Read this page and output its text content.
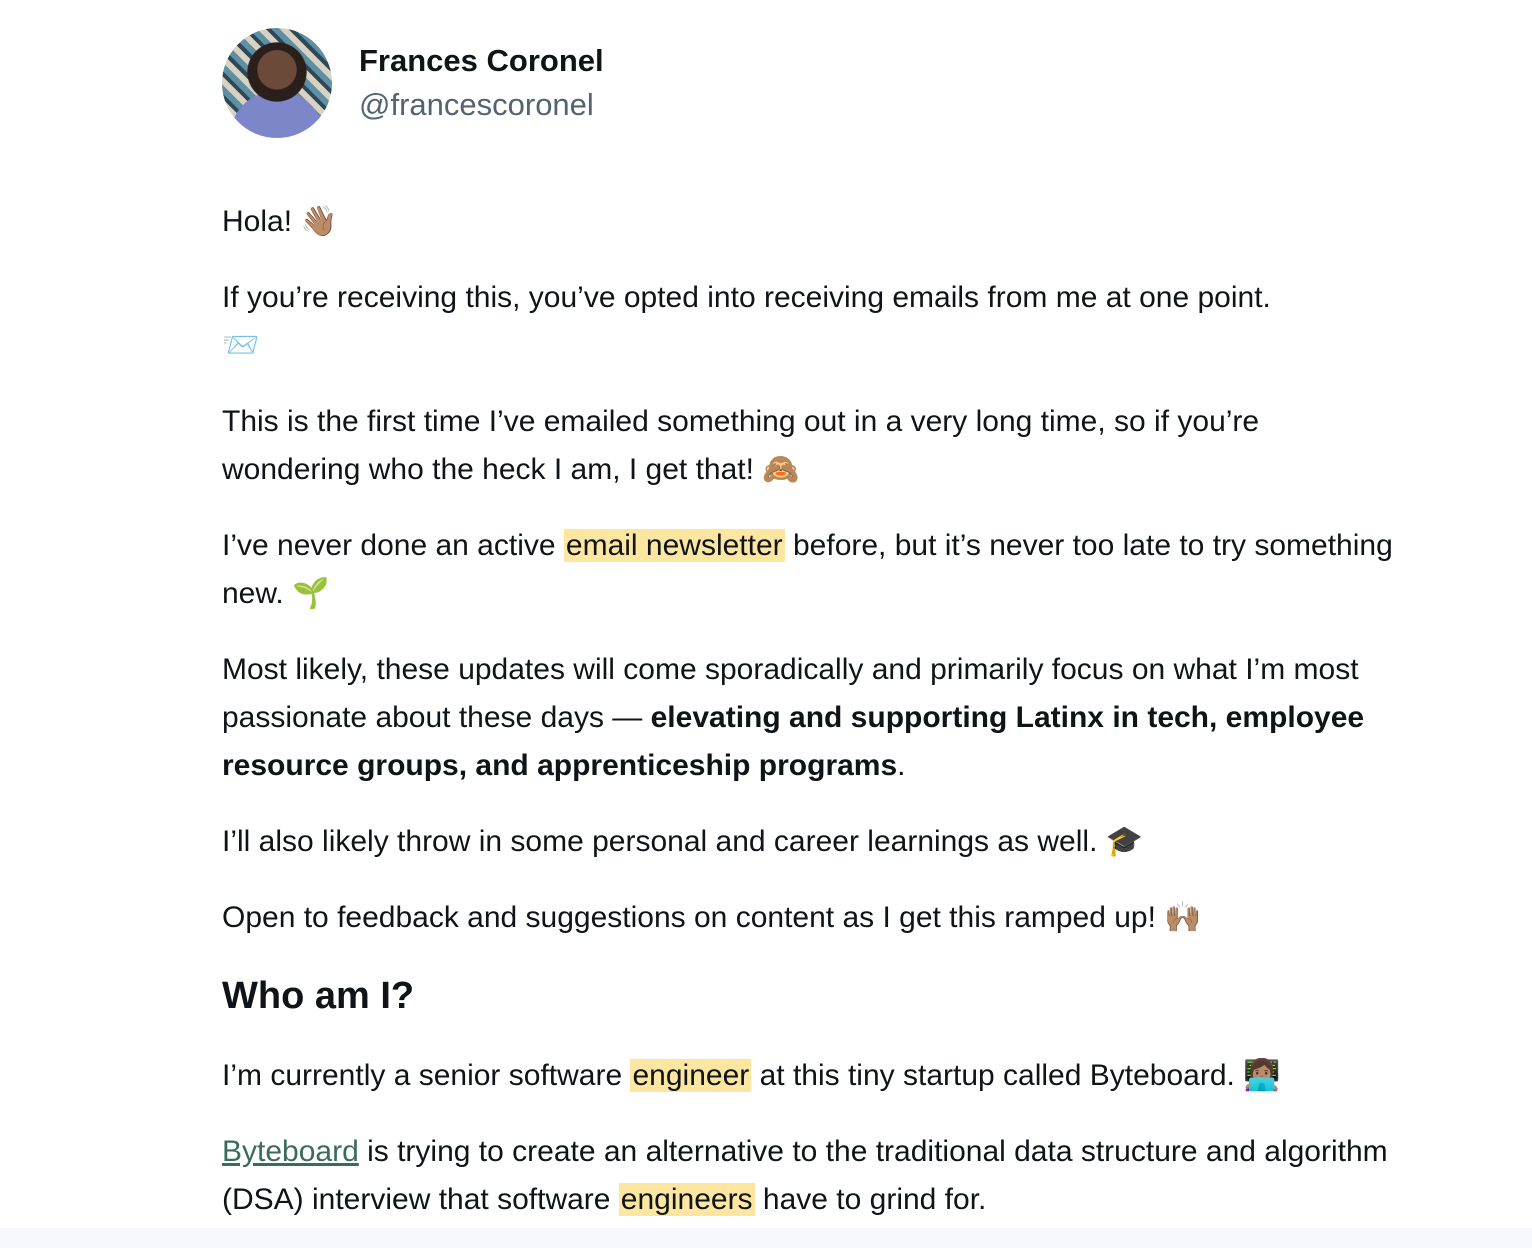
Frances Coronel
@francescoronel

Hola! 👋🏽

If you’re receiving this, you’ve opted into receiving emails from me at one point.
📨

This is the first time I’ve emailed something out in a very long time, so if you’re wondering who the heck I am, I get that! 🙈

I’ve never done an active email newsletter before, but it’s never too late to try something new. 🌱

Most likely, these updates will come sporadically and primarily focus on what I’m most passionate about these days — elevating and supporting Latinx in tech, employee resource groups, and apprenticeship programs.

I’ll also likely throw in some personal and career learnings as well. 🎓

Open to feedback and suggestions on content as I get this ramped up! 🙌🏽

Who am I?

I’m currently a senior software engineer at this tiny startup called Byteboard. 👩🏽‍💻

Byteboard is trying to create an alternative to the traditional data structure and algorithm (DSA) interview that software engineers have to grind for.
